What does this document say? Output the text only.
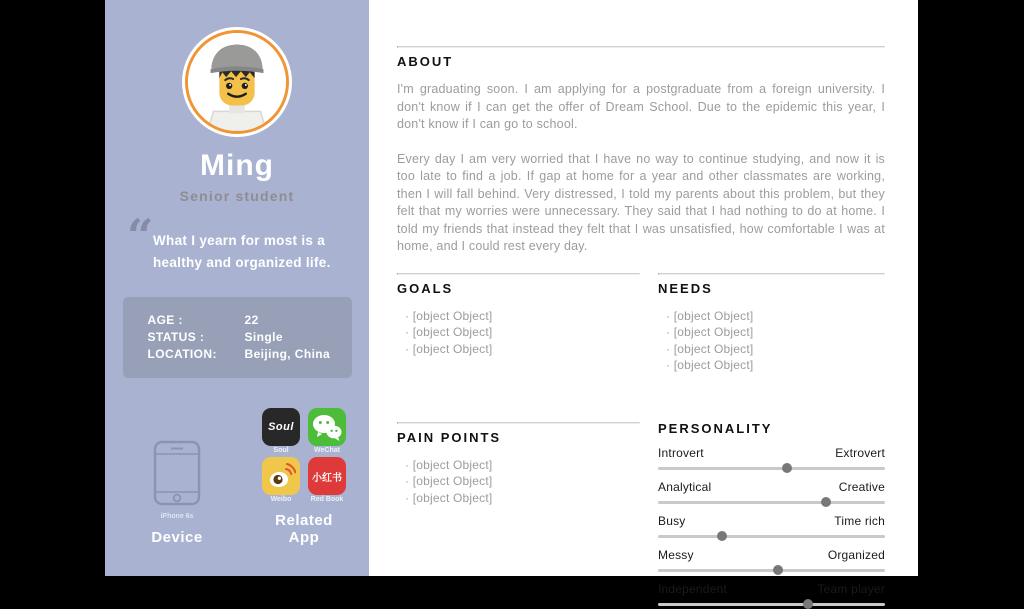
Ming
Senior student
“ What I yearn for most is a healthy and organized life.
AGE :	22
STATUS :	Single
LOCATION:	Beijing, China
iPhone 6s
Device
Soul
Soul	WeChat
Weibo
小红书
Red Book
Related App
ABOUT

I'm graduating soon. I am applying for a postgraduate from a foreign university. I don't know if I can get the offer of Dream School. Due to the epidemic this year, I don't know if I can go to school.

Every day I am very worried that I have no way to continue studying, and now it is too late to find a job. If gap at home for a year and other classmates are working, then I will fall behind. Very distressed, I told my parents about this problem, but they felt that my worries were unnecessary. They said that I had nothing to do at home. I told my friends that instead they felt that I was unsatisfied, how comfortable I was at home, and I could rest every day.

GOALS
· [object Object]
· [object Object]
· [object Object]
NEEDS
· [object Object]
· [object Object]
· [object Object]
· [object Object]
PAIN POINTS
· [object Object]
· [object Object]
· [object Object]
PERSONALITY
Introvert	Extrovert
Analytical	Creative
Busy	Time rich
Messy	Organized
Independent	Team player
